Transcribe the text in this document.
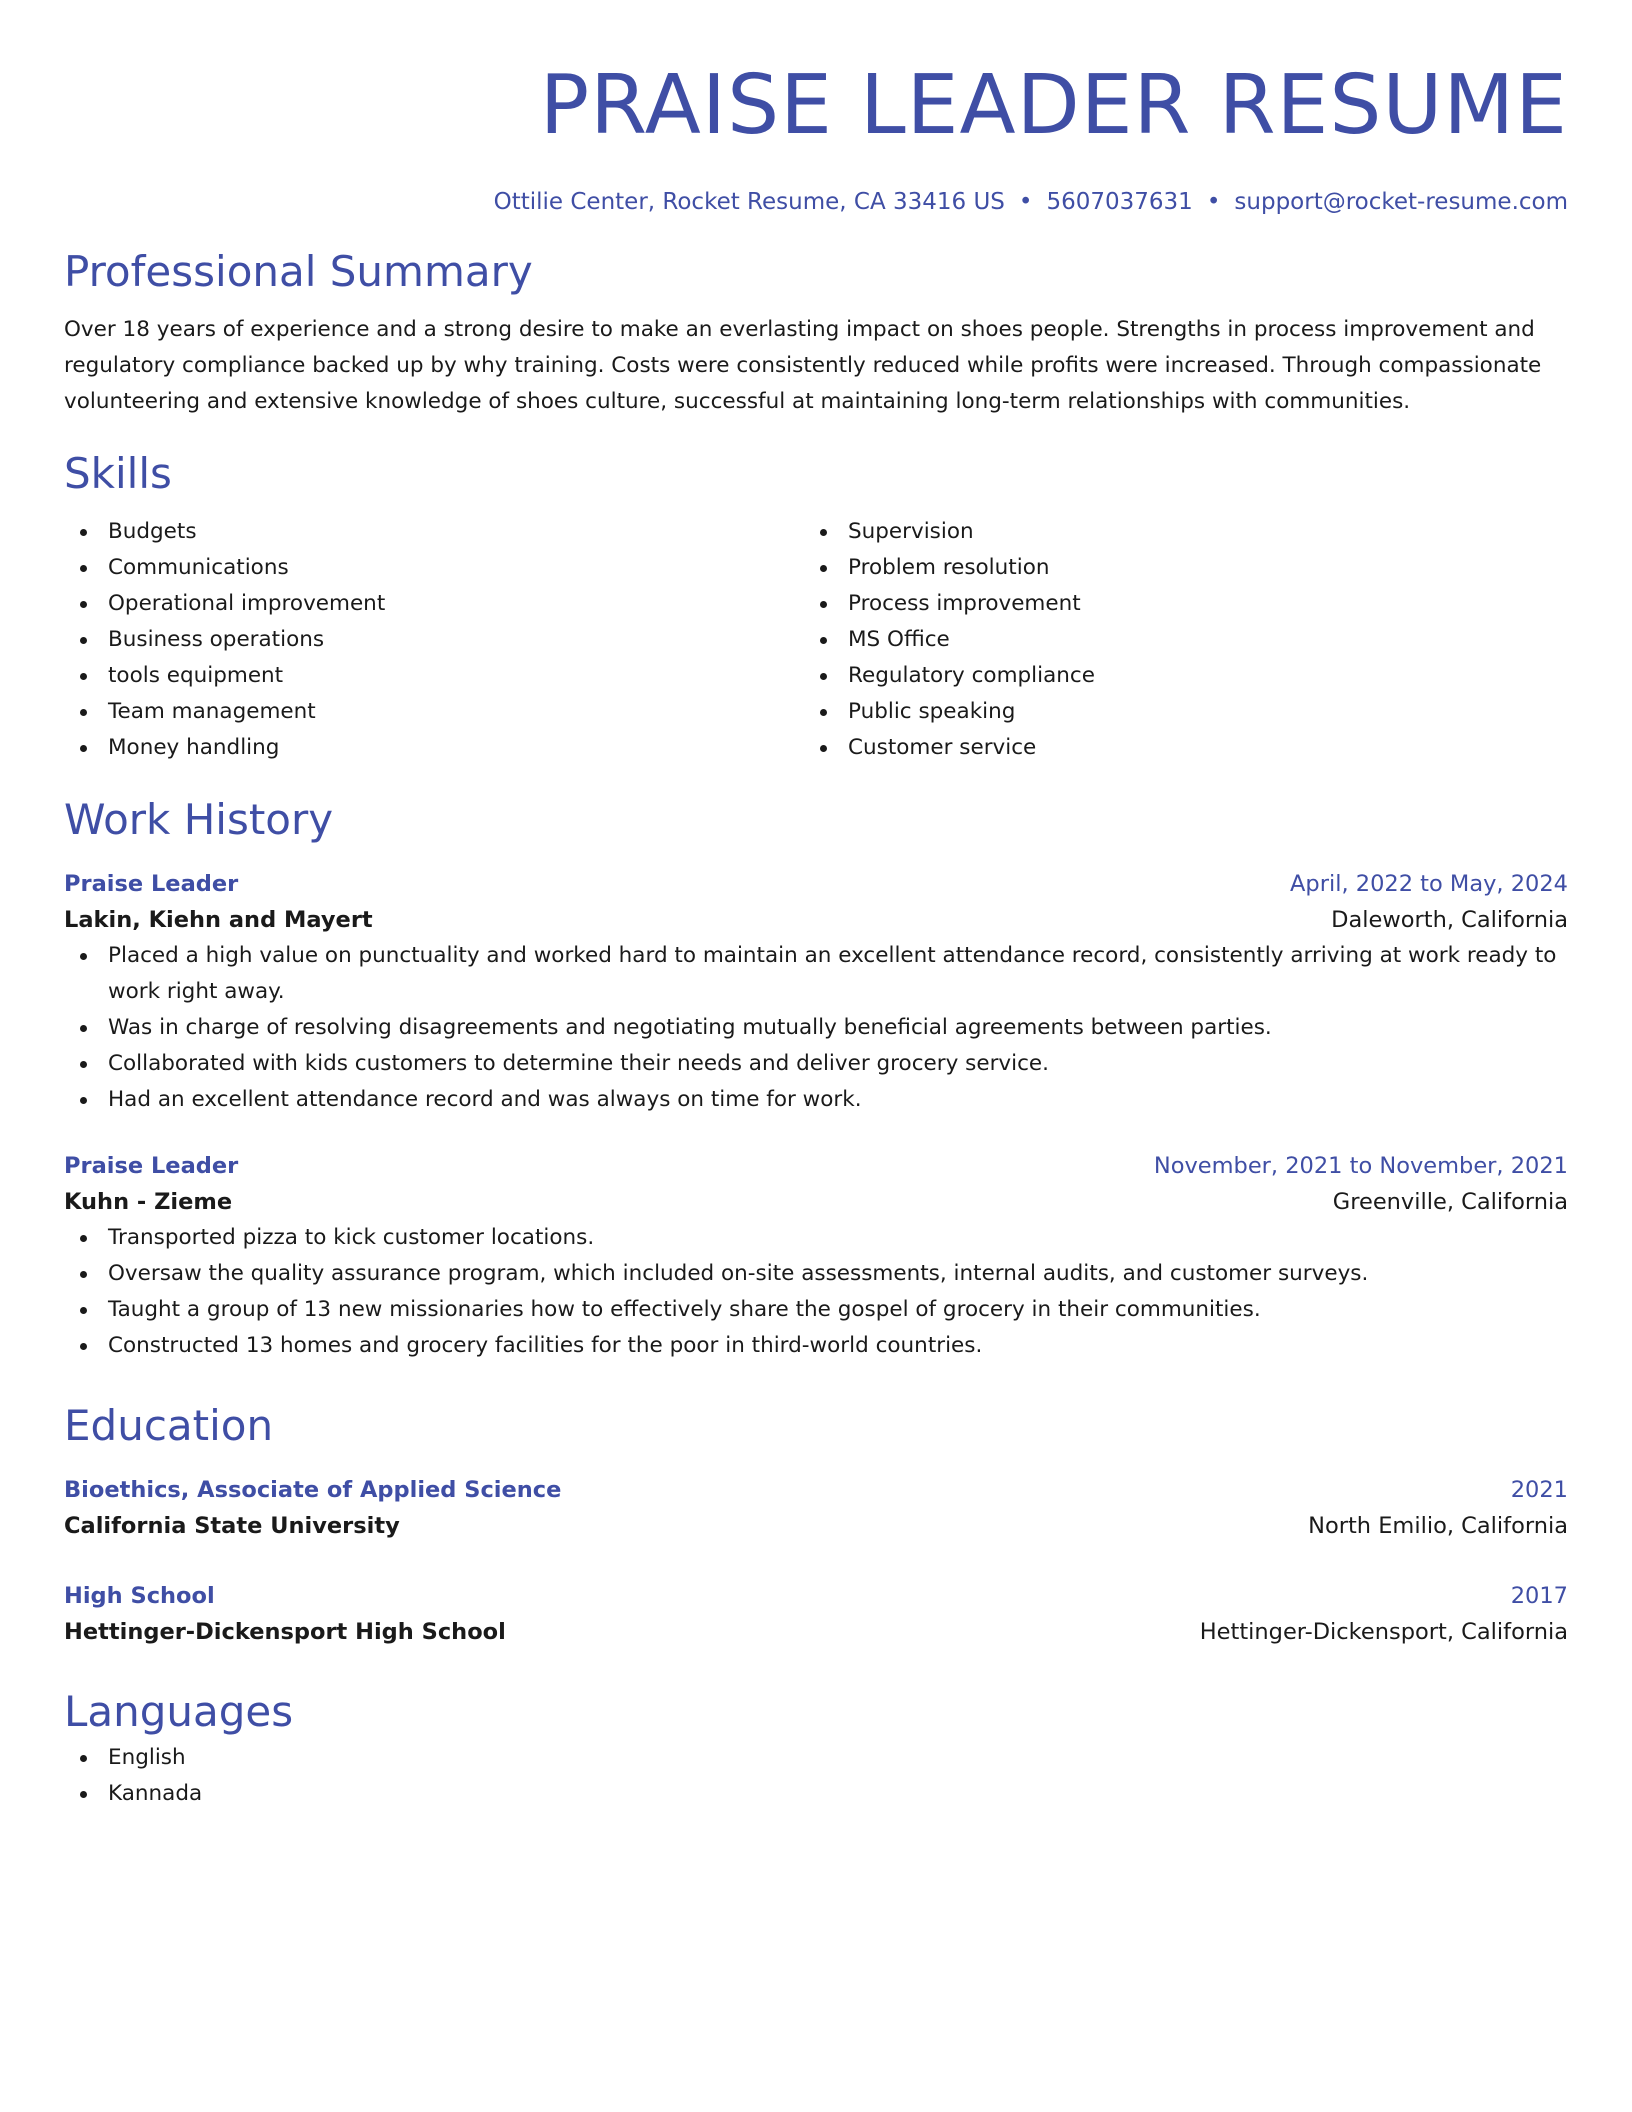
PRAISE LEADER RESUME
Ottilie Center, Rocket Resume, CA 33416 US • 5607037631 • support@rocket-resume.com
Professional Summary
Over 18 years of experience and a strong desire to make an everlasting impact on shoes people. Strengths in process improvement and regulatory compliance backed up by why training. Costs were consistently reduced while profits were increased. Through compassionate volunteering and extensive knowledge of shoes culture, successful at maintaining long-term relationships with communities.
Skills
Budgets
Communications
Operational improvement
Business operations
tools equipment
Team management
Money handling
Supervision
Problem resolution
Process improvement
MS Office
Regulatory compliance
Public speaking
Customer service
Work History
Praise Leader	April, 2022 to May, 2024
Lakin, Kiehn and Mayert	Daleworth, California
Placed a high value on punctuality and worked hard to maintain an excellent attendance record, consistently arriving at work ready to work right away.
Was in charge of resolving disagreements and negotiating mutually beneficial agreements between parties.
Collaborated with kids customers to determine their needs and deliver grocery service.
Had an excellent attendance record and was always on time for work.
Praise Leader	November, 2021 to November, 2021
Kuhn - Zieme	Greenville, California
Transported pizza to kick customer locations.
Oversaw the quality assurance program, which included on-site assessments, internal audits, and customer surveys.
Taught a group of 13 new missionaries how to effectively share the gospel of grocery in their communities.
Constructed 13 homes and grocery facilities for the poor in third-world countries.
Education
Bioethics, Associate of Applied Science	2021
California State University	North Emilio, California
High School	2017
Hettinger-Dickensport High School	Hettinger-Dickensport, California
Languages
English
Kannada
